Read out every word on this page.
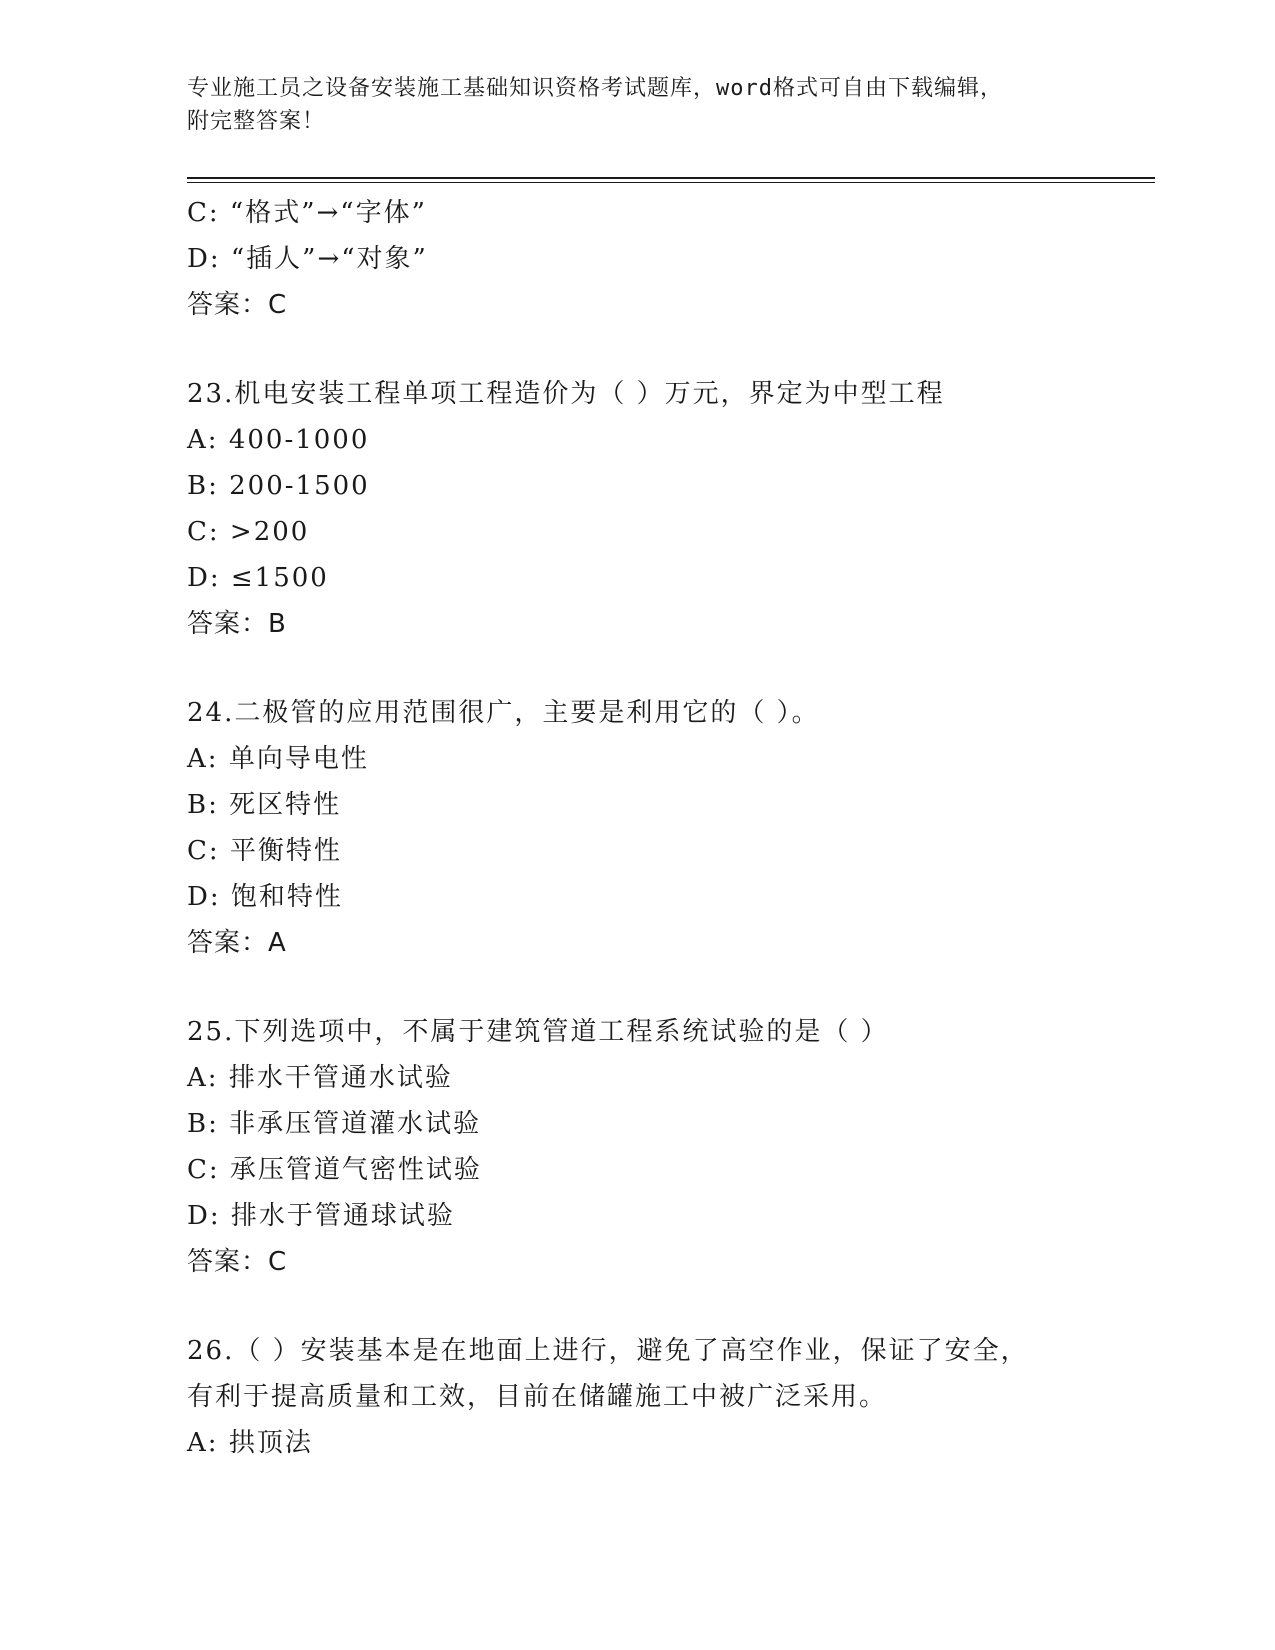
专业施工员之设备安装施工基础知识资格考试题库，word格式可自由下载编辑，
附完整答案！
C: “格式”→“字体”
D: “插人”→“对象”
答案：C
23.机电安装工程单项工程造价为（ ）万元，界定为中型工程
A: 400-1000
B: 200-1500
C: >200
D: ≤1500
答案：B
24.二极管的应用范围很广，主要是利用它的（ ）。
A: 单向导电性
B: 死区特性
C: 平衡特性
D: 饱和特性
答案：A
25.下列选项中，不属于建筑管道工程系统试验的是（ ）
A: 排水干管通水试验
B: 非承压管道灌水试验
C: 承压管道气密性试验
D: 排水于管通球试验
答案：C
26.（ ）安装基本是在地面上进行，避免了高空作业，保证了安全，有利于提高质量和工效，目前在储罐施工中被广泛采用。
A: 拱顶法
